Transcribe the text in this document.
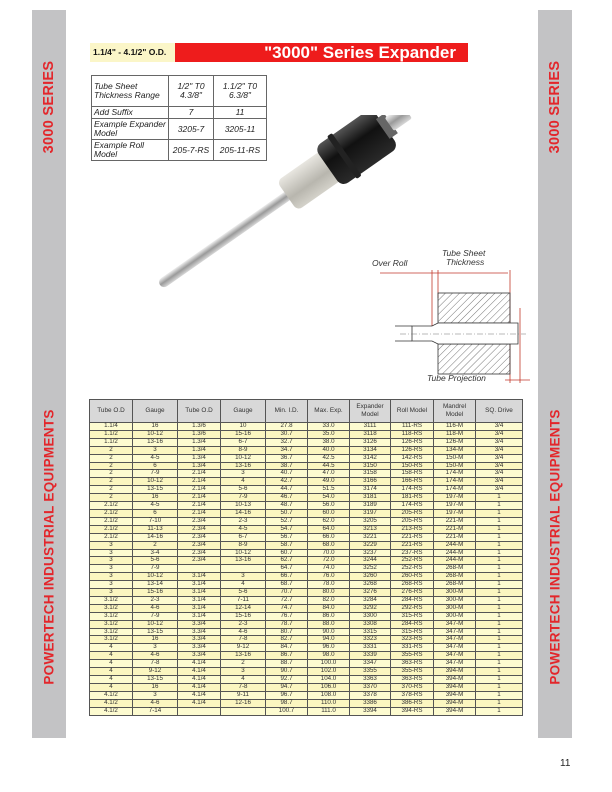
3000 SERIES
POWERTECH INDUSTRIAL EQUIPMENTS
3000 SERIES
POWERTECH INDUSTRIAL EQUIPMENTS
1.1/4" - 4.1/2" O.D.	"3000" Series Expander
Tube Sheet Thickness Range	1/2" T0 4.3/8"	1.1/2" T0 6.3/8"
Add Suffix	7	11
Example Expander Model	3205-7	3205-11
Example Roll Model	205-7-RS	205-11-RS
Over Roll
Tube Sheet
Thickness
Tube Projection
Tube O.D	Gauge	Tube O.D	Gauge	Min. I.D.	Max. Exp.	Expander Model	Roll Model	Mandrel Model	SQ. Drive
1.1/4	16	1.3/6	10	27.8	33.0	3111	111-RS	116-M	3/4
1.1/2	10-12	1.3/6	15-16	30.7	35.0	3118	118-RS	118-M	3/4
1.1/2	13-16	1.3/4	6-7	32.7	38.0	3126	126-RS	126-M	3/4
2	3	1.3/4	8-9	34.7	40.0	3134	126-RS	134-M	3/4
2	4-5	1.3/4	10-12	36.7	42.5	3142	142-RS	150-M	3/4
2	6	1.3/4	13-16	38.7	44.5	3150	150-RS	150-M	3/4
2	7-9	2.1/4	3	40.7	47.0	3158	158-RS	174-M	3/4
2	10-12	2.1/4	4	42.7	49.0	3166	166-RS	174-M	3/4
2	13-15	2.1/4	5-6	44.7	51.5	3174	174-RS	174-M	3/4
2	16	2.1/4	7-9	46.7	54.0	3181	181-RS	197-M	1
2.1/2	4-5	2.1/4	10-13	48.7	56.0	3189	174-RS	197-M	1
2.1/2	6	2.1/4	14-16	50.7	60.0	3197	205-RS	197-M	1
2.1/2	7-10	2.3/4	2-3	52.7	62.0	3205	205-RS	221-M	1
2.1/2	11-13	2.3/4	4-5	54.7	64.0	3213	213-RS	221-M	1
2.1/2	14-16	2.3/4	6-7	56.7	66.0	3221	221-RS	221-M	1
3	2	2.3/4	8-9	58.7	68.0	3229	221-RS	244-M	1
3	3-4	2.3/4	10-12	60.7	70.0	3237	237-RS	244-M	1
3	5-6	2.3/4	13-16	62.7	72.0	3244	252-RS	244-M	1
3	7-9			64.7	74.0	3252	252-RS	268-M	1
3	10-12	3.1/4	3	66.7	76.0	3260	260-RS	268-M	1
3	13-14	3.1/4	4	68.7	78.0	3268	268-RS	268-M	1
3	15-16	3.1/4	5-6	70.7	80.0	3276	276-RS	300-M	1
3.1/2	2-3	3.1/4	7-11	72.7	82.0	3284	284-RS	300-M	1
3.1/2	4-6	3.1/4	12-14	74.7	84.0	3292	292-RS	300-M	1
3.1/2	7-9	3.1/4	15-16	76.7	86.0	3300	315-RS	300-M	1
3.1/2	10-12	3.3/4	2-3	78.7	88.0	3308	284-RS	347-M	1
3.1/2	13-15	3.3/4	4-6	80.7	90.0	3315	315-RS	347-M	1
3.1/2	16	3.3/4	7-8	82.7	94.0	3323	323-RS	347-M	1
4	3	3.3/4	9-12	84.7	96.0	3331	331-RS	347-M	1
4	4-6	3.3/4	13-16	86.7	98.0	3339	355-RS	347-M	1
4	7-8	4.1/4	2	88.7	100.0	3347	363-RS	347-M	1
4	9-12	4.1/4	3	90.7	102.0	3355	355-RS	394-M	1
4	13-15	4.1/4	4	92.7	104.0	3363	363-RS	394-M	1
4	16	4.1/4	7-8	94.7	106.0	3370	370-RS	394-M	1
4.1/2	3	4.1/4	9-11	96.7	108.0	3378	378-RS	394-M	1
4.1/2	4-6	4.1/4	12-16	98.7	110.0	3386	386-RS	394-M	1
4.1/2	7-14			100.7	111.0	3394	394-RS	394-M	1
11
